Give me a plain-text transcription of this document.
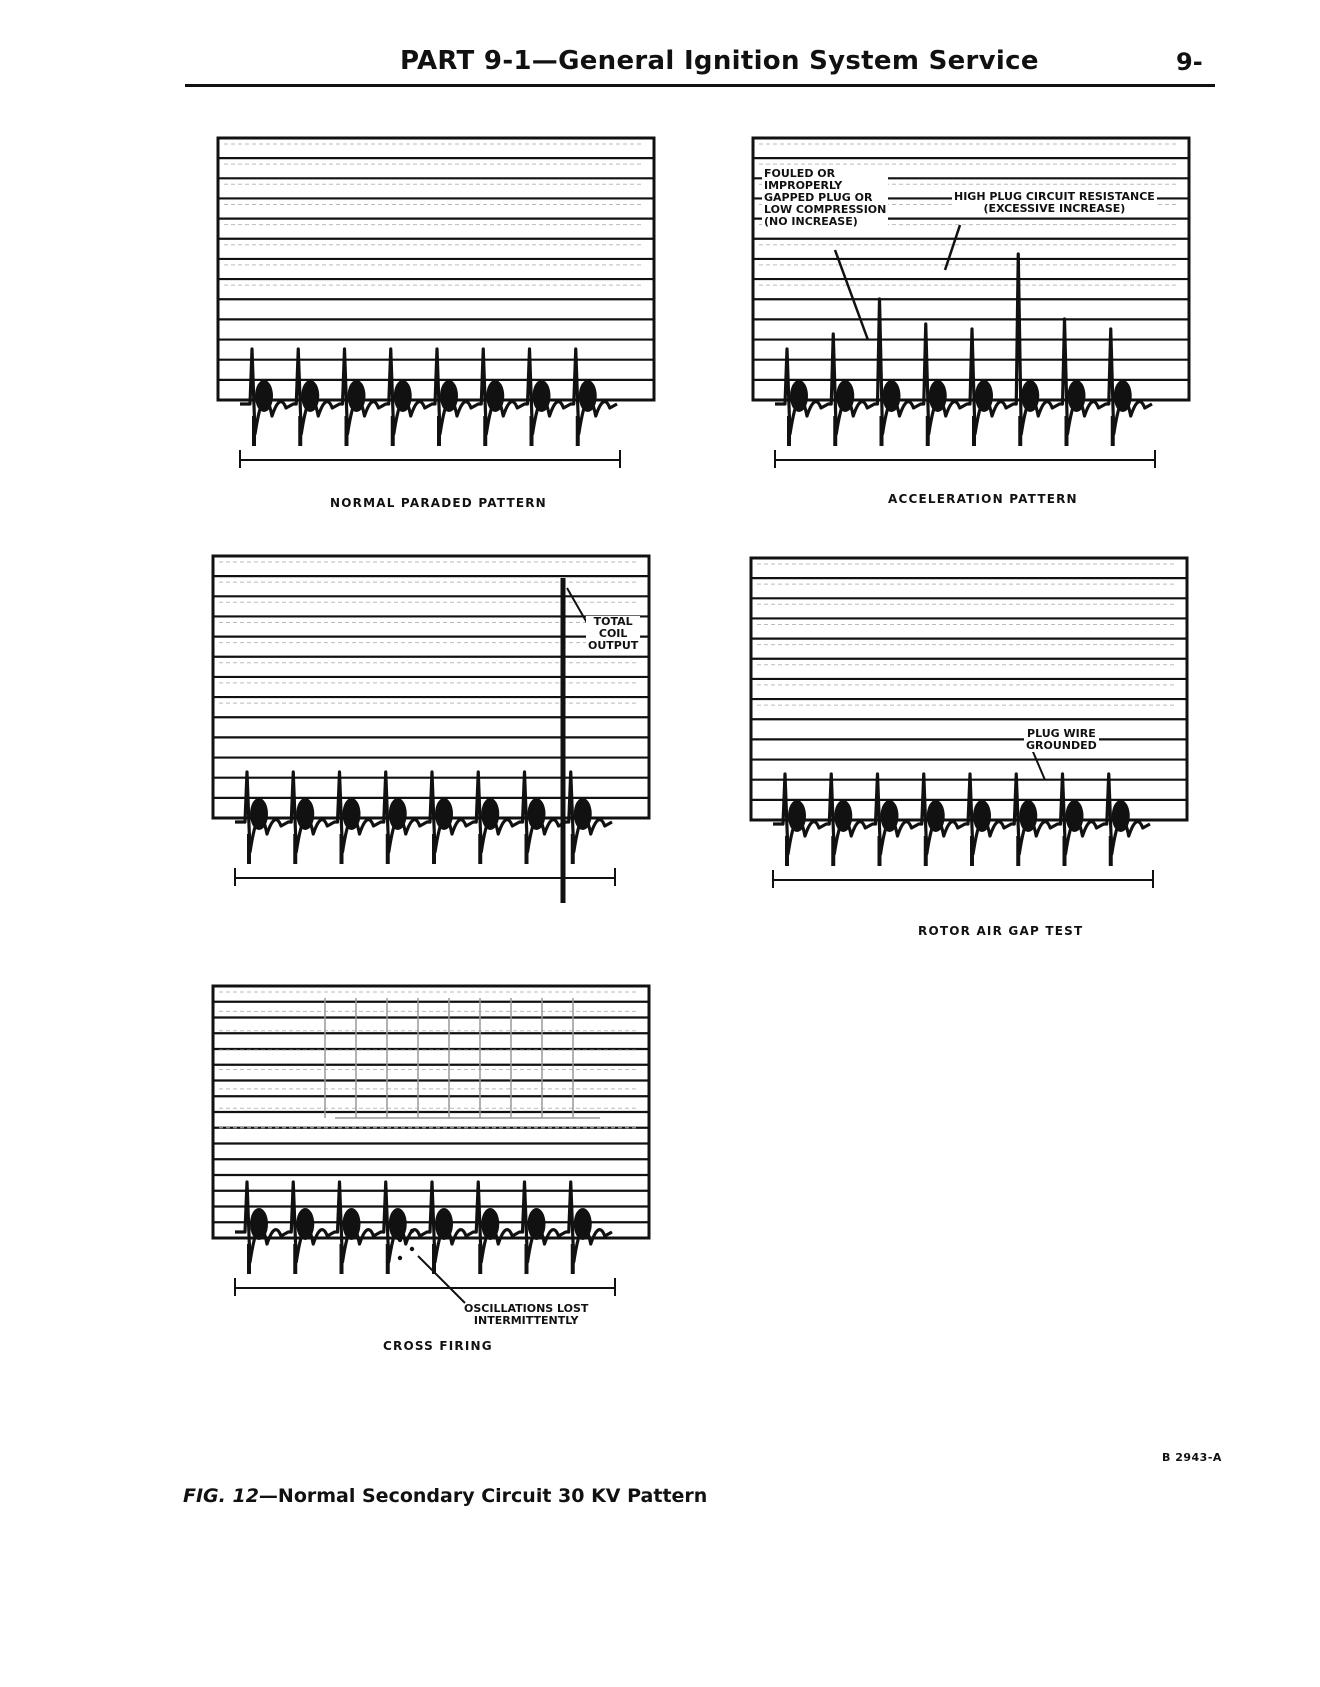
PART 9-1—General Ignition System Service	9-
NORMAL PARADED PATTERN
FOULED OR
IMPROPERLY
GAPPED PLUG OR
LOW COMPRESSION
(NO INCREASE)
HIGH PLUG CIRCUIT RESISTANCE
(EXCESSIVE INCREASE)
ACCELERATION PATTERN
TOTAL
COIL
OUTPUT
PLUG WIRE
GROUNDED
ROTOR AIR GAP TEST
OSCILLATIONS LOST
INTERMITTENTLY
CROSS FIRING
B 2943-A
FIG. 12—Normal Secondary Circuit 30 KV Pattern
